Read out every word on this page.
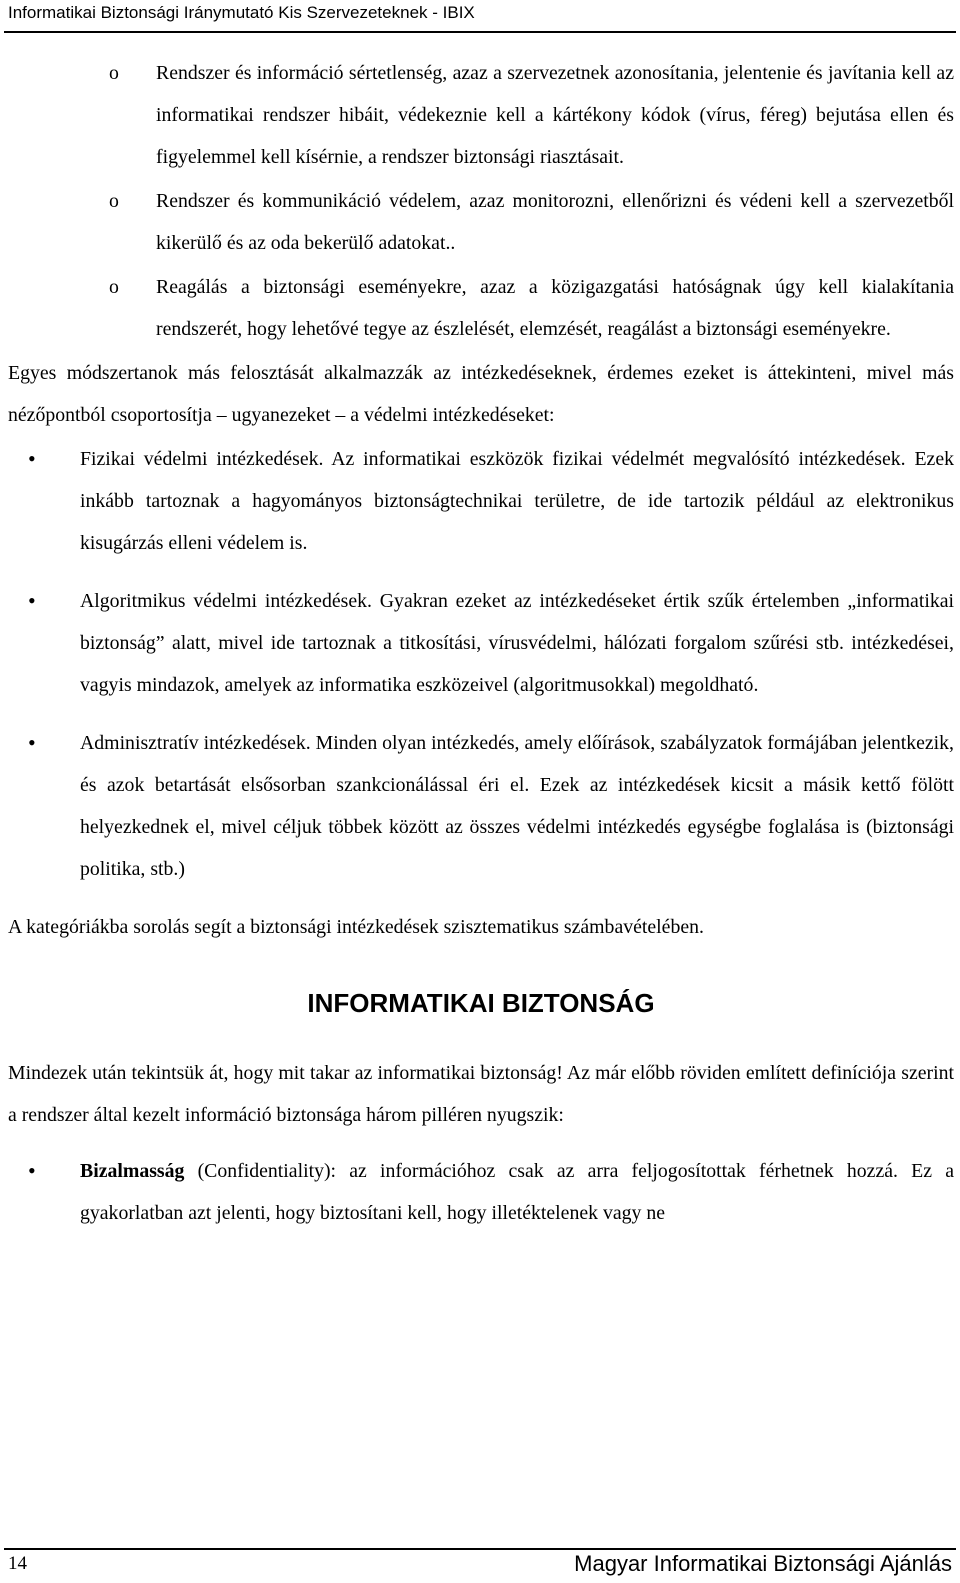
Informatikai Biztonsági Iránymutató Kis Szervezeteknek - IBIX
o Rendszer és információ sértetlenség, azaz a szervezetnek azonosítania, jelentenie és javítania kell az informatikai rendszer hibáit, védekeznie kell a kártékony kódok (vírus, féreg) bejutása ellen és figyelemmel kell kísérnie, a rendszer biztonsági riasztásait.
o Rendszer és kommunikáció védelem, azaz monitorozni, ellenőrizni és védeni kell a szervezetből kikerülő és az oda bekerülő adatokat..
o Reagálás a biztonsági eseményekre, azaz a közigazgatási hatóságnak úgy kell kialakítania rendszerét, hogy lehetővé tegye az észlelését, elemzését, reagálást a biztonsági eseményekre.

Egyes módszertanok más felosztását alkalmazzák az intézkedéseknek, érdemes ezeket is áttekinteni, mivel más nézőpontból csoportosítja – ugyanezeket – a védelmi intézkedéseket:

• Fizikai védelmi intézkedések. Az informatikai eszközök fizikai védelmét megvalósító intézkedések. Ezek inkább tartoznak a hagyományos biztonságtechnikai területre, de ide tartozik például az elektronikus kisugárzás elleni védelem is.
• Algoritmikus védelmi intézkedések. Gyakran ezeket az intézkedéseket értik szűk értelemben „informatikai biztonság” alatt, mivel ide tartoznak a titkosítási, vírusvédelmi, hálózati forgalom szűrési stb. intézkedései, vagyis mindazok, amelyek az informatika eszközeivel (algoritmusokkal) megoldható.
• Adminisztratív intézkedések. Minden olyan intézkedés, amely előírások, szabályzatok formájában jelentkezik, és azok betartását elsősorban szankcionálással éri el. Ezek az intézkedések kicsit a másik kettő fölött helyezkednek el, mivel céljuk többek között az összes védelmi intézkedés egységbe foglalása is (biztonsági politika, stb.)

A kategóriákba sorolás segít a biztonsági intézkedések szisztematikus számbavételében.

INFORMATIKAI BIZTONSÁG

Mindezek után tekintsük át, hogy mit takar az informatikai biztonság! Az már előbb röviden említett definíciója szerint a rendszer által kezelt információ biztonsága három pilléren nyugszik:

• Bizalmasság (Confidentiality): az információhoz csak az arra feljogosítottak férhetnek hozzá. Ez a gyakorlatban azt jelenti, hogy biztosítani kell, hogy illetéktelenek vagy ne
14	Magyar Informatikai Biztonsági Ajánlás
